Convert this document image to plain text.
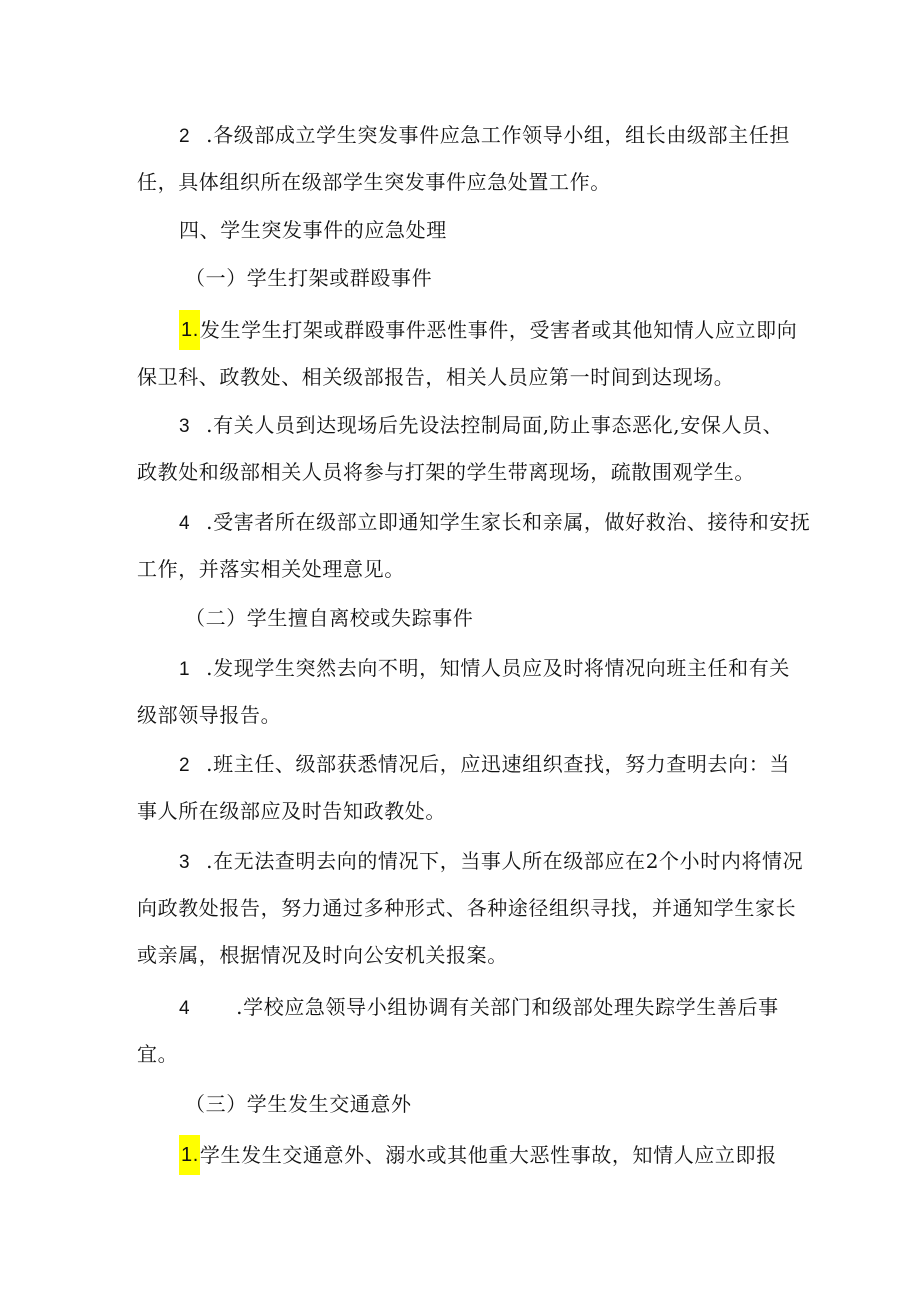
2 .各级部成立学生突发事件应急工作领导小组，组长由级部主任担
任，具体组织所在级部学生突发事件应急处置工作。
四、学生突发事件的应急处理
（一）学生打架或群殴事件
1.发生学生打架或群殴事件恶性事件，受害者或其他知情人应立即向
保卫科、政教处、相关级部报告，相关人员应第一时间到达现场。
3 .有关人员到达现场后先设法控制局面,防止事态恶化,安保人员、
政教处和级部相关人员将参与打架的学生带离现场，疏散围观学生。
4 .受害者所在级部立即通知学生家长和亲属，做好救治、接待和安抚
工作，并落实相关处理意见。
（二）学生擅自离校或失踪事件
1 .发现学生突然去向不明，知情人员应及时将情况向班主任和有关
级部领导报告。
2 .班主任、级部获悉情况后，应迅速组织查找，努力查明去向：当
事人所在级部应及时告知政教处。
3 .在无法查明去向的情况下，当事人所在级部应在2个小时内将情况
向政教处报告，努力通过多种形式、各种途径组织寻找，并通知学生家长
或亲属，根据情况及时向公安机关报案。
4 .学校应急领导小组协调有关部门和级部处理失踪学生善后事
宜。
（三）学生发生交通意外
1.学生发生交通意外、溺水或其他重大恶性事故，知情人应立即报
